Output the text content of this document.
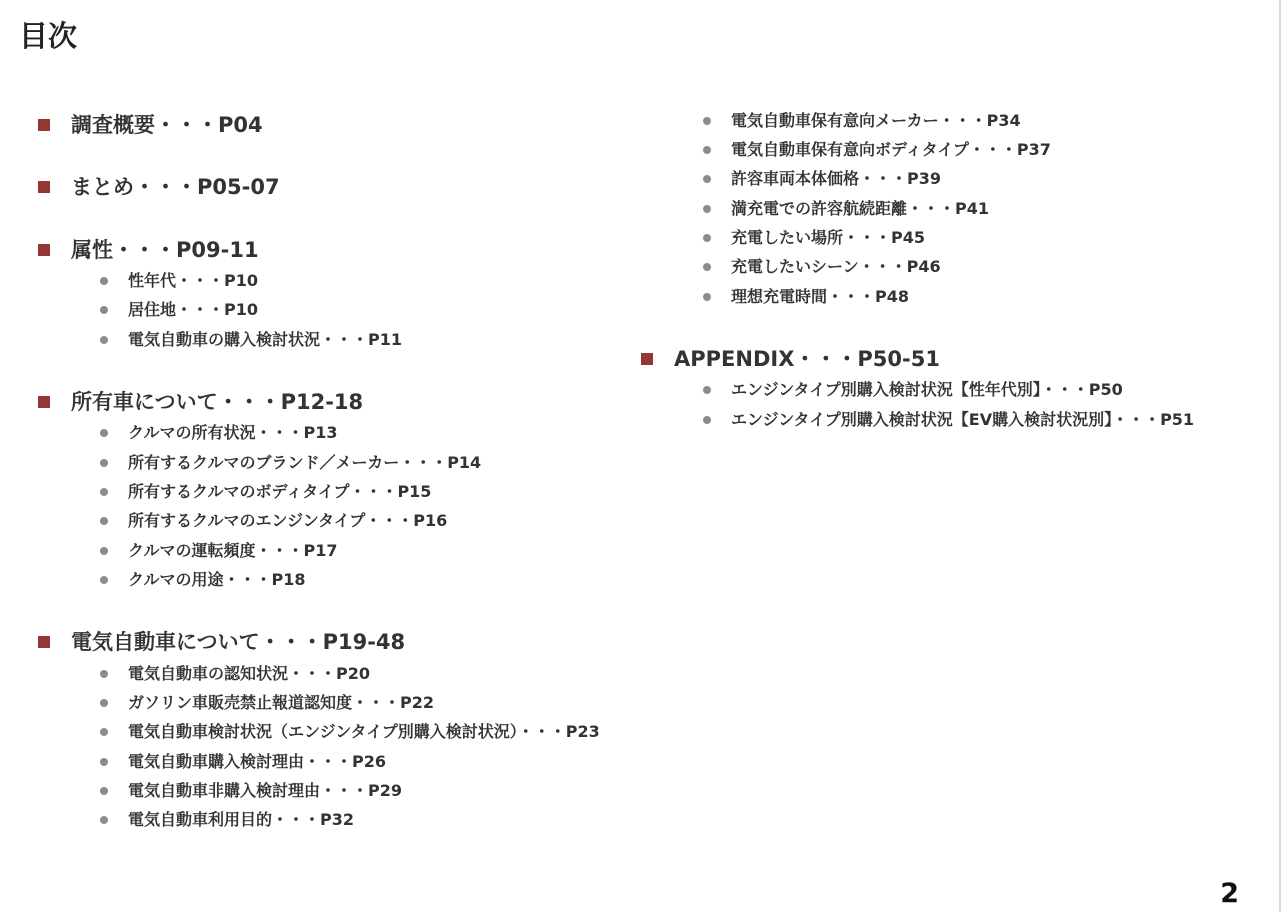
目次
調査概要・・・P04
まとめ・・・P05-07
属性・・・P09-11
性年代・・・P10
居住地・・・P10
電気自動車の購入検討状況・・・P11
所有車について・・・P12-18
クルマの所有状況・・・P13
所有するクルマのブランド／メーカー・・・P14
所有するクルマのボディタイプ・・・P15
所有するクルマのエンジンタイプ・・・P16
クルマの運転頻度・・・P17
クルマの用途・・・P18
電気自動車について・・・P19-48
電気自動車の認知状況・・・P20
ガソリン車販売禁止報道認知度・・・P22
電気自動車検討状況（エンジンタイプ別購入検討状況）・・・P23
電気自動車購入検討理由・・・P26
電気自動車非購入検討理由・・・P29
電気自動車利用目的・・・P32
電気自動車保有意向メーカー・・・P34
電気自動車保有意向ボディタイプ・・・P37
許容車両本体価格・・・P39
満充電での許容航続距離・・・P41
充電したい場所・・・P45
充電したいシーン・・・P46
理想充電時間・・・P48
APPENDIX・・・P50-51
エンジンタイプ別購入検討状況【性年代別】・・・P50
エンジンタイプ別購入検討状況【EV購入検討状況別】・・・P51
2
